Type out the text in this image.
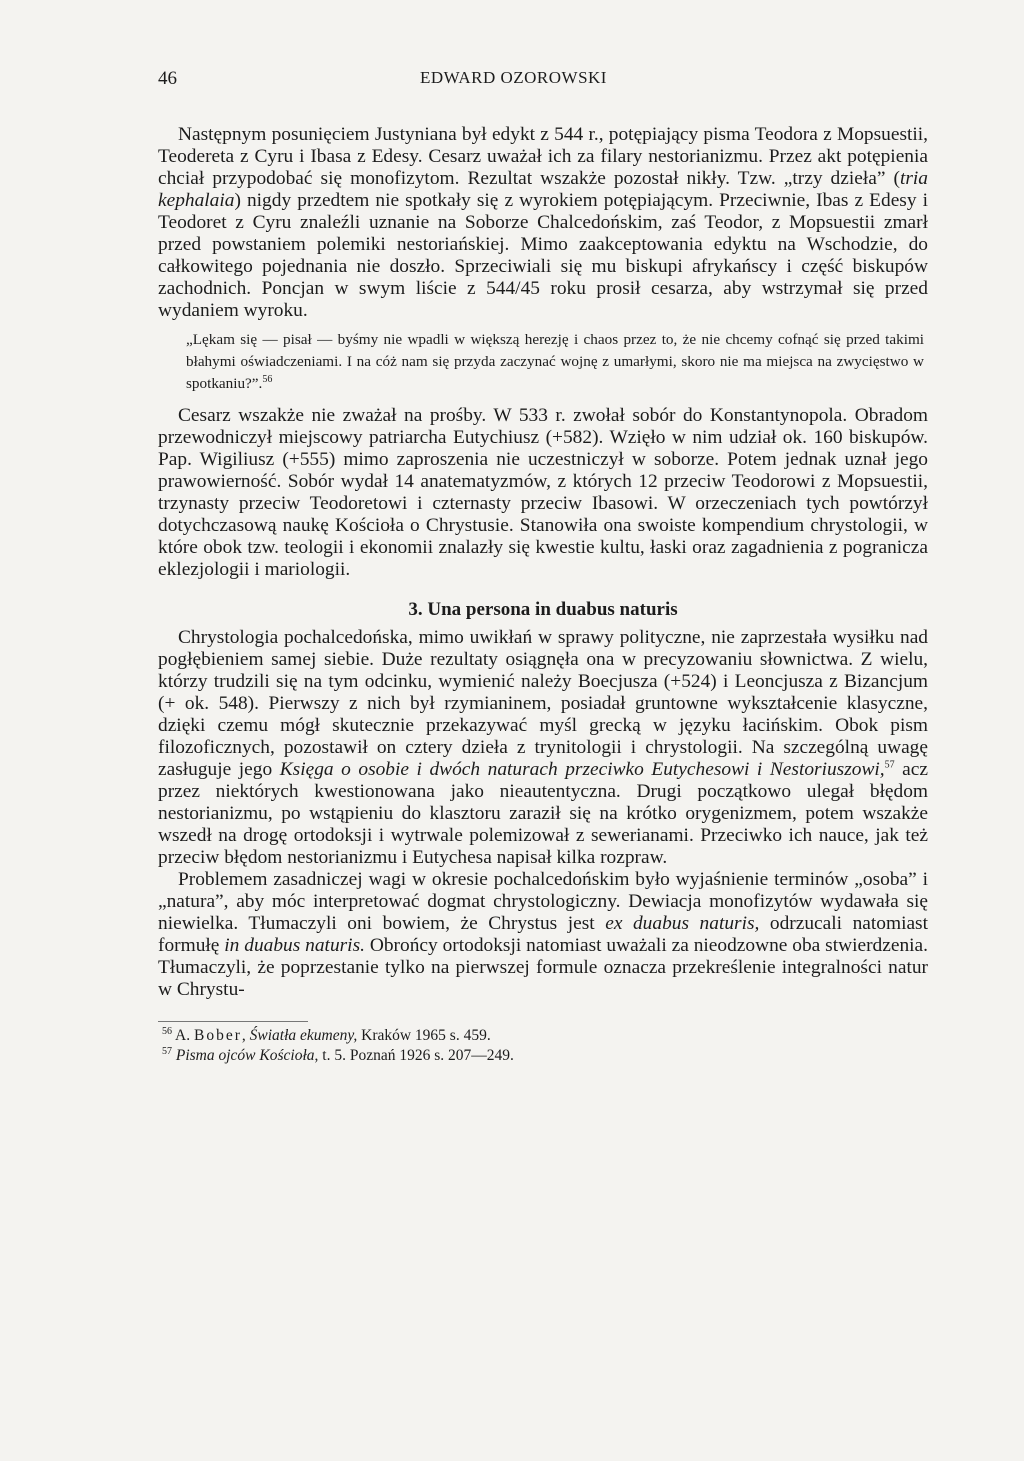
46	EDWARD OZOROWSKI

Następnym posunięciem Justyniana był edykt z 544 r., potępiający pisma Teodora z Mopsuestii, Teodereta z Cyru i Ibasa z Edesy. Cesarz uważał ich za filary nestorianizmu. Przez akt potępienia chciał przypodobać się monofizytom. Rezultat wszakże pozostał nikły. Tzw. „trzy dzieła” (tria kephalaia) nigdy przedtem nie spotkały się z wyrokiem potępiającym. Przeciwnie, Ibas z Edesy i Teodoret z Cyru znaleźli uznanie na Soborze Chalcedońskim, zaś Teodor, z Mopsuestii zmarł przed powstaniem polemiki nestoriańskiej. Mimo zaakceptowania edyktu na Wschodzie, do całkowitego pojednania nie doszło. Sprzeciwiali się mu biskupi afrykańscy i część biskupów zachodnich. Poncjan w swym liście z 544/45 roku prosił cesarza, aby wstrzymał się przed wydaniem wyroku.

„Lękam się — pisał — byśmy nie wpadli w większą herezję i chaos przez to, że nie chcemy cofnąć się przed takimi błahymi oświadczeniami. I na cóż nam się przyda zaczynać wojnę z umarłymi, skoro nie ma miejsca na zwycięstwo w spotkaniu?”.$^{56}$

Cesarz wszakże nie zważał na prośby. W 533 r. zwołał sobór do Konstantynopola. Obradom przewodniczył miejscowy patriarcha Eutychiusz (+582). Wzięło w nim udział ok. 160 biskupów. Pap. Wigiliusz (+555) mimo zaproszenia nie uczestniczył w soborze. Potem jednak uznał jego prawowierność. Sobór wydał 14 anatematyzmów, z których 12 przeciw Teodorowi z Mopsuestii, trzynasty przeciw Teodoretowi i czternasty przeciw Ibasowi. W orzeczeniach tych powtórzył dotychczasową naukę Kościoła o Chrystusie. Stanowiła ona swoiste kompendium chrystologii, w które obok tzw. teologii i ekonomii znalazły się kwestie kultu, łaski oraz zagadnienia z pogranicza eklezjologii i mariologii.

3. Una persona in duabus naturis

Chrystologia pochalcedońska, mimo uwikłań w sprawy polityczne, nie zaprzestała wysiłku nad pogłębieniem samej siebie. Duże rezultaty osiągnęła ona w precyzowaniu słownictwa. Z wielu, którzy trudzili się na tym odcinku, wymienić należy Boecjusza (+524) i Leoncjusza z Bizancjum (+ ok. 548). Pierwszy z nich był rzymianinem, posiadał gruntowne wykształcenie klasyczne, dzięki czemu mógł skutecznie przekazywać myśl grecką w języku łacińskim. Obok pism filozoficznych, pozostawił on cztery dzieła z trynitologii i chrystologii. Na szczególną uwagę zasługuje jego Księga o osobie i dwóch naturach przeciwko Eutychesowi i Nestoriuszowi,$^{57}$ acz przez niektórych kwestionowana jako nieautentyczna. Drugi początkowo ulegał błędom nestorianizmu, po wstąpieniu do klasztoru zaraził się na krótko orygenizmem, potem wszakże wszedł na drogę ortodoksji i wytrwale polemizował z sewerianami. Przeciwko ich nauce, jak też przeciw błędom nestorianizmu i Eutychesa napisał kilka rozpraw.

Problemem zasadniczej wagi w okresie pochalcedońskim było wyjaśnienie terminów „osoba” i „natura”, aby móc interpretować dogmat chrystologiczny. Dewiacja monofizytów wydawała się niewielka. Tłumaczyli oni bowiem, że Chrystus jest ex duabus naturis, odrzucali natomiast formułę in duabus naturis. Obrońcy ortodoksji natomiast uważali za nieodzowne oba stwierdzenia. Tłumaczyli, że poprzestanie tylko na pierwszej formule oznacza przekreślenie integralności natur w Chrystu-

$^{56}$ A. Bober, Światła ekumeny, Kraków 1965 s. 459.

$^{57}$ Pisma ojców Kościoła, t. 5. Poznań 1926 s. 207—249.
